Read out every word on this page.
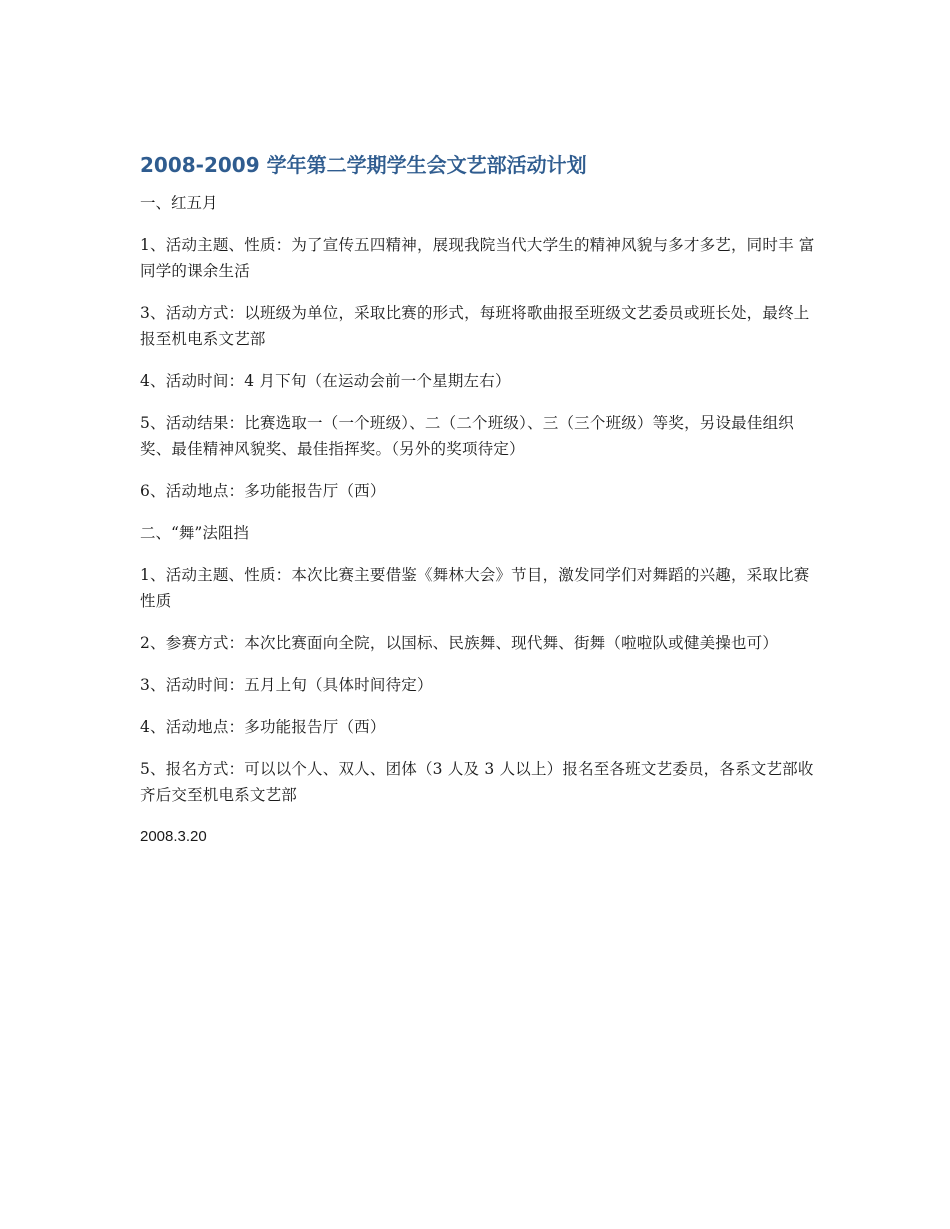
2008-2009 学年第二学期学生会文艺部活动计划
一、红五月

1、活动主题、性质：为了宣传五四精神，展现我院当代大学生的精神风貌与多才多艺，同时丰 富同学的课余生活

3、活动方式：以班级为单位，采取比赛的形式，每班将歌曲报至班级文艺委员或班长处，最终上报至机电系文艺部

4、活动时间：4 月下旬（在运动会前一个星期左右）

5、活动结果：比赛选取一（一个班级）、二（二个班级）、三（三个班级）等奖，另设最佳组织奖、最佳精神风貌奖、最佳指挥奖。（另外的奖项待定）

6、活动地点：多功能报告厅（西）

二、“舞”法阻挡

1、活动主题、性质：本次比赛主要借鉴《舞林大会》节目，激发同学们对舞蹈的兴趣，采取比赛性质

2、参赛方式：本次比赛面向全院，以国标、民族舞、现代舞、街舞（啦啦队或健美操也可）

3、活动时间：五月上旬（具体时间待定）

4、活动地点：多功能报告厅（西）

5、报名方式：可以以个人、双人、团体（3 人及 3 人以上）报名至各班文艺委员，各系文艺部收齐后交至机电系文艺部

2008.3.20
